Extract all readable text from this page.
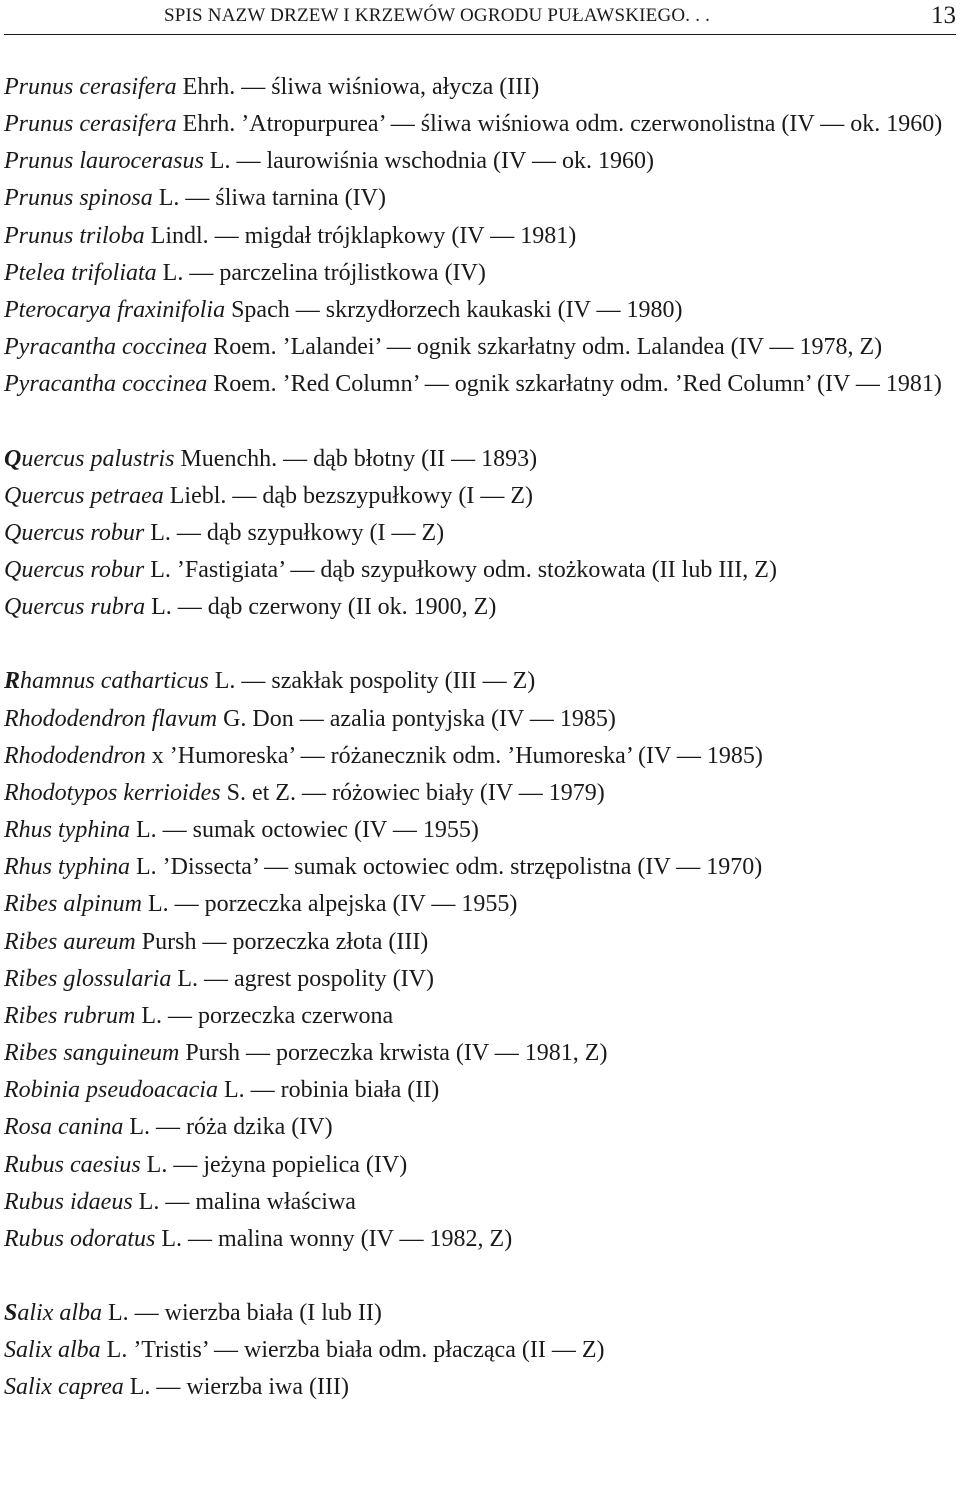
SPIS NAZW DRZEW I KRZEWÓW OGRODU PUŁAWSKIEGO. . .	13
Prunus cerasifera Ehrh. — śliwa wiśniowa, ałycza (III)
Prunus cerasifera Ehrh. ’Atropurpurea’ — śliwa wiśniowa odm. czerwonolistna (IV — ok. 1960)
Prunus laurocerasus L. — laurowiśnia wschodnia (IV — ok. 1960)
Prunus spinosa L. — śliwa tarnina (IV)
Prunus triloba Lindl. — migdał trójklapkowy (IV — 1981)
Ptelea trifoliata L. — parczelina trójlistkowa (IV)
Pterocarya fraxinifolia Spach — skrzydłorzech kaukaski (IV — 1980)
Pyracantha coccinea Roem. ’Lalandei’ — ognik szkarłatny odm. Lalandea (IV — 1978, Z)
Pyracantha coccinea Roem. ’Red Column’ — ognik szkarłatny odm. ’Red Column’ (IV — 1981)
Quercus palustris Muenchh. — dąb błotny (II — 1893)
Quercus petraea Liebl. — dąb bezszypułkowy (I — Z)
Quercus robur L. — dąb szypułkowy (I — Z)
Quercus robur L. ’Fastigiata’ — dąb szypułkowy odm. stożkowata (II lub III, Z)
Quercus rubra L. — dąb czerwony (II ok. 1900, Z)
Rhamnus catharticus L. — szakłak pospolity (III — Z)
Rhododendron flavum G. Don — azalia pontyjska (IV — 1985)
Rhododendron x ’Humoreska’ — różanecznik odm. ’Humoreska’ (IV — 1985)
Rhodotypos kerrioides S. et Z. — różowiec biały (IV — 1979)
Rhus typhina L. — sumak octowiec (IV — 1955)
Rhus typhina L. ’Dissecta’ — sumak octowiec odm. strzępolistna (IV — 1970)
Ribes alpinum L. — porzeczka alpejska (IV — 1955)
Ribes aureum Pursh — porzeczka złota (III)
Ribes glossularia L. — agrest pospolity (IV)
Ribes rubrum L. — porzeczka czerwona
Ribes sanguineum Pursh — porzeczka krwista (IV — 1981, Z)
Robinia pseudoacacia L. — robinia biała (II)
Rosa canina L. — róża dzika (IV)
Rubus caesius L. — jeżyna popielica (IV)
Rubus idaeus L. — malina właściwa
Rubus odoratus L. — malina wonny (IV — 1982, Z)
Salix alba L. — wierzba biała (I lub II)
Salix alba L. ’Tristis’ — wierzba biała odm. płacząca (II — Z)
Salix caprea L. — wierzba iwa (III)
